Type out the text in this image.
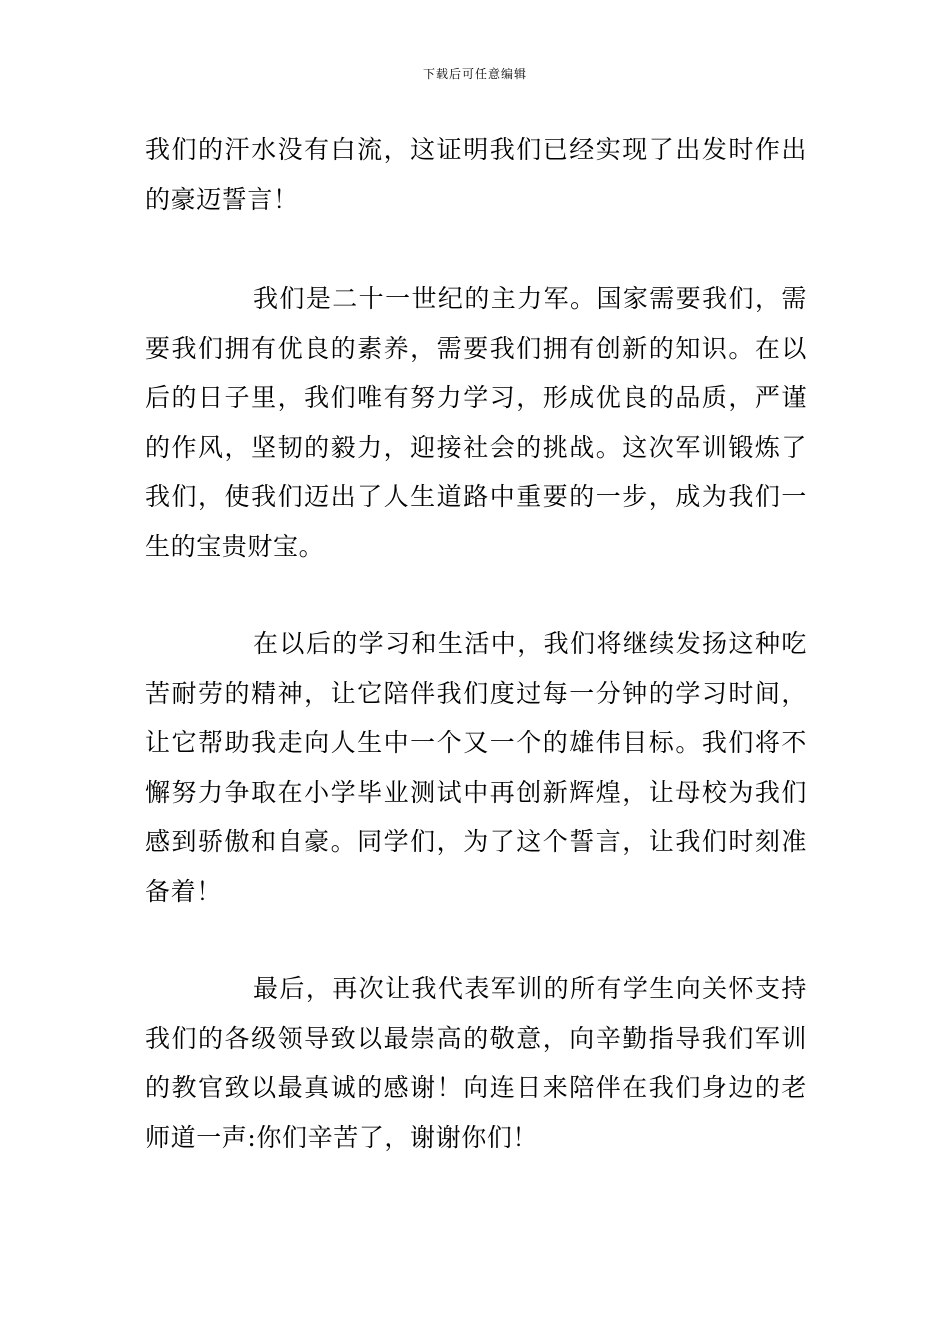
下载后可任意编辑

我们的汗水没有白流，这证明我们已经实现了出发时作出的豪迈誓言！

我们是二十一世纪的主力军。国家需要我们，需要我们拥有优良的素养，需要我们拥有创新的知识。在以后的日子里，我们唯有努力学习，形成优良的品质，严谨的作风，坚韧的毅力，迎接社会的挑战。这次军训锻炼了我们，使我们迈出了人生道路中重要的一步，成为我们一生的宝贵财宝。

在以后的学习和生活中，我们将继续发扬这种吃苦耐劳的精神，让它陪伴我们度过每一分钟的学习时间，让它帮助我走向人生中一个又一个的雄伟目标。我们将不懈努力争取在小学毕业测试中再创新辉煌，让母校为我们感到骄傲和自豪。同学们，为了这个誓言，让我们时刻准备着！

最后，再次让我代表军训的所有学生向关怀支持我们的各级领导致以最崇高的敬意，向辛勤指导我们军训的教官致以最真诚的感谢！向连日来陪伴在我们身边的老师道一声:你们辛苦了，谢谢你们！
